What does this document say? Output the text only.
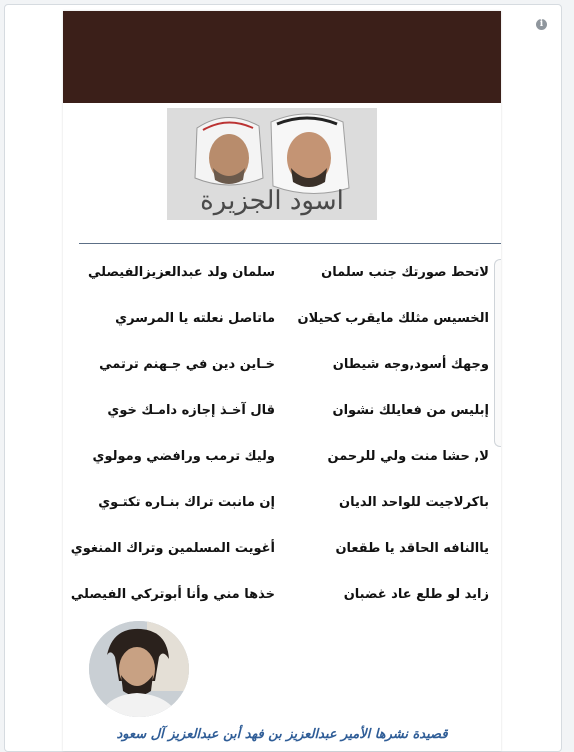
i
اسود الجزيرة
لاتحط صورتك جنب سلمان
سلمان ولد عبدالعزيزالفيصلي
الخسيس مثلك مايقرب كحيلان
ماتاصل نعلته يا المرسري
وجهك أسود,وجه شيطان
خـاين دين في جـهنم ترتمي
إبليس من فعايلك نشوان
قال آخـذ إجازه دامـك خوي
لا, حشا منت ولي للرحمن
وليك ترمب ورافضي ومولوي
باكرلاجيت للواحد الديان
إن مانبت تراك بنـاره تكتـوي
ياالنافه الحاقد يا طقعان
أغويت المسلمين وتراك المنغوي
زايد لو طلع عاد غضبان
خذها مني وأنا أبوتركي الفيصلي
قصيدة نشرها الأمير عبدالعزيز بن فهد أبن عبدالعزيز آل سعود
